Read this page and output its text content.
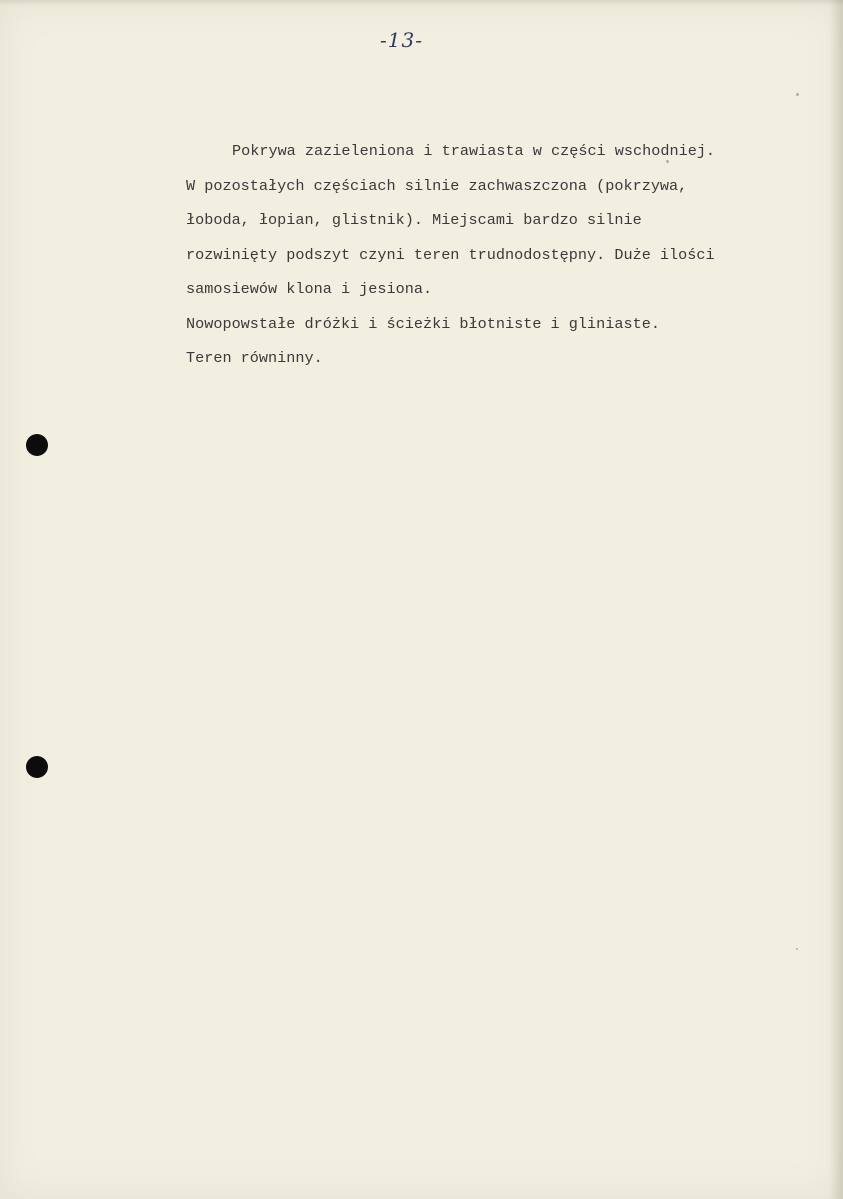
-13-

Pokrywa zazieleniona i trawiasta w części wschodniej.

W pozostałych częściach silnie zachwaszczona (pokrzywa,

łoboda, łopian, glistnik). Miejscami bardzo silnie

rozwinięty podszyt czyni teren trudnodostępny. Duże ilości

samosiewów klona i jesiona.

Nowopowstałe dróżki i ścieżki błotniste i gliniaste.

Teren równinny.
